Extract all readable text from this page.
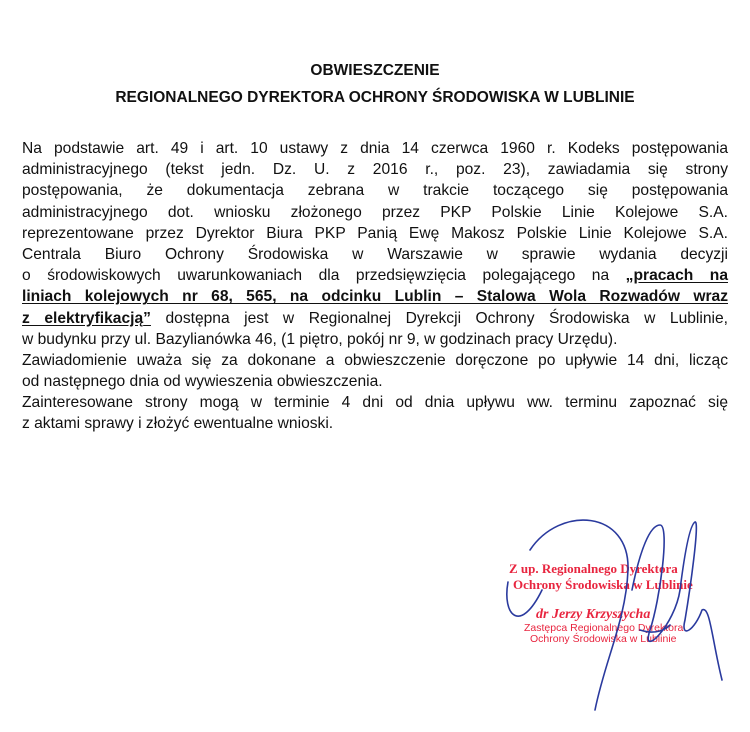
OBWIESZCZENIE
REGIONALNEGO DYREKTORA OCHRONY ŚRODOWISKA W LUBLINIE
Na podstawie art. 49 i art. 10 ustawy z dnia 14 czerwca 1960 r. Kodeks postępowania
administracyjnego (tekst jedn. Dz. U. z 2016 r., poz. 23), zawiadamia się strony
postępowania, że dokumentacja zebrana w trakcie toczącego się postępowania
administracyjnego dot. wniosku złożonego przez PKP Polskie Linie Kolejowe S.A.
reprezentowane przez Dyrektor Biura PKP Panią Ewę Makosz Polskie Linie Kolejowe S.A.
Centrala Biuro Ochrony Środowiska w Warszawie w sprawie wydania decyzji
o środowiskowych uwarunkowaniach dla przedsięwzięcia polegającego na „pracach na
liniach kolejowych nr 68, 565, na odcinku Lublin – Stalowa Wola Rozwadów wraz
z elektryfikacją” dostępna jest w Regionalnej Dyrekcji Ochrony Środowiska w Lublinie,
w budynku przy ul. Bazylianówka 46, (1 piętro, pokój nr 9, w godzinach pracy Urzędu).
Zawiadomienie uważa się za dokonane a obwieszczenie doręczone po upływie 14 dni, licząc
od następnego dnia od wywieszenia obwieszczenia.
Zainteresowane strony mogą w terminie 4 dni od dnia upływu ww. terminu zapoznać się
z aktami sprawy i złożyć ewentualne wnioski.
Z up. Regionalnego Dyrektora
Ochrony Środowiska w Lublinie
dr Jerzy Krzyszycha
Zastępca Regionalnego Dyrektora
Ochrony Środowiska w Lublinie
